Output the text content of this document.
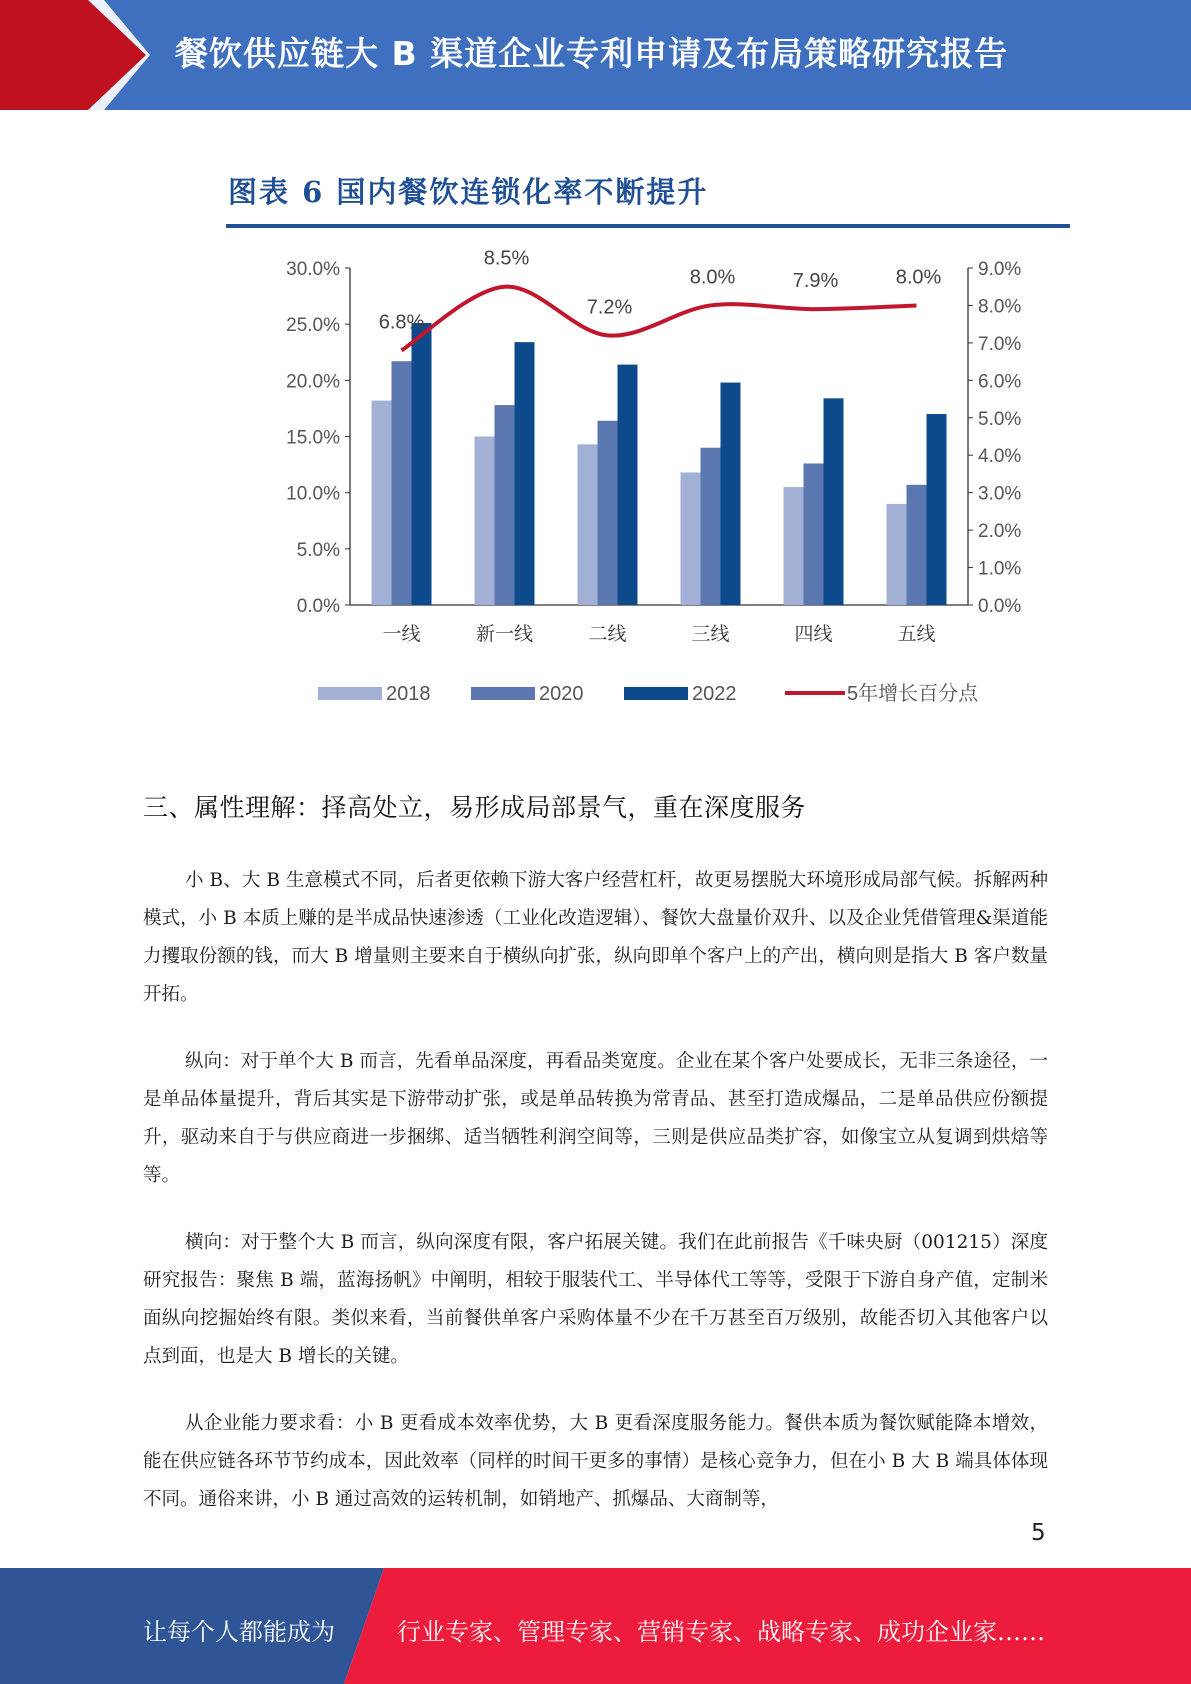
餐饮供应链大 B 渠道企业专利申请及布局策略研究报告
图表 6 国内餐饮连锁化率不断提升
0.0%
5.0%
10.0%
15.0%
20.0%
25.0%
30.0%
0.0%
1.0%
2.0%
3.0%
4.0%
5.0%
6.0%
7.0%
8.0%
9.0%
一线	新一线	二线	三线	四线	五线
6.8%
8.5%
7.2%
8.0%	7.9%	8.0%
2018	2020	2022	5年增长百分点
三、属性理解：择高处立，易形成局部景气，重在深度服务

小 B、大 B 生意模式不同，后者更依赖下游大客户经营杠杆，故更易摆脱大环境形成局部气候。拆解两种模式，小 B 本质上赚的是半成品快速渗透（工业化改造逻辑）、餐饮大盘量价双升、以及企业凭借管理&渠道能力攫取份额的钱，而大 B 增量则主要来自于横纵向扩张，纵向即单个客户上的产出，横向则是指大 B 客户数量开拓。

纵向：对于单个大 B 而言，先看单品深度，再看品类宽度。企业在某个客户处要成长，无非三条途径，一是单品体量提升，背后其实是下游带动扩张，或是单品转换为常青品、甚至打造成爆品，二是单品供应份额提升，驱动来自于与供应商进一步捆绑、适当牺牲利润空间等，三则是供应品类扩容，如像宝立从复调到烘焙等等。

横向：对于整个大 B 而言，纵向深度有限，客户拓展关键。我们在此前报告《千味央厨（001215）深度研究报告：聚焦 B 端，蓝海扬帆》中阐明，相较于服装代工、半导体代工等等，受限于下游自身产值，定制米面纵向挖掘始终有限。类似来看，当前餐供单客户采购体量不少在千万甚至百万级别，故能否切入其他客户以点到面，也是大 B 增长的关键。

从企业能力要求看：小 B 更看成本效率优势，大 B 更看深度服务能力。餐供本质为餐饮赋能降本增效，能在供应链各环节节约成本，因此效率（同样的时间干更多的事情）是核心竞争力，但在小 B 大 B 端具体体现不同。通俗来讲，小 B 通过高效的运转机制，如销地产、抓爆品、大商制等，

5
让每个人都能成为	行业专家、管理专家、营销专家、战略专家、成功企业家……
